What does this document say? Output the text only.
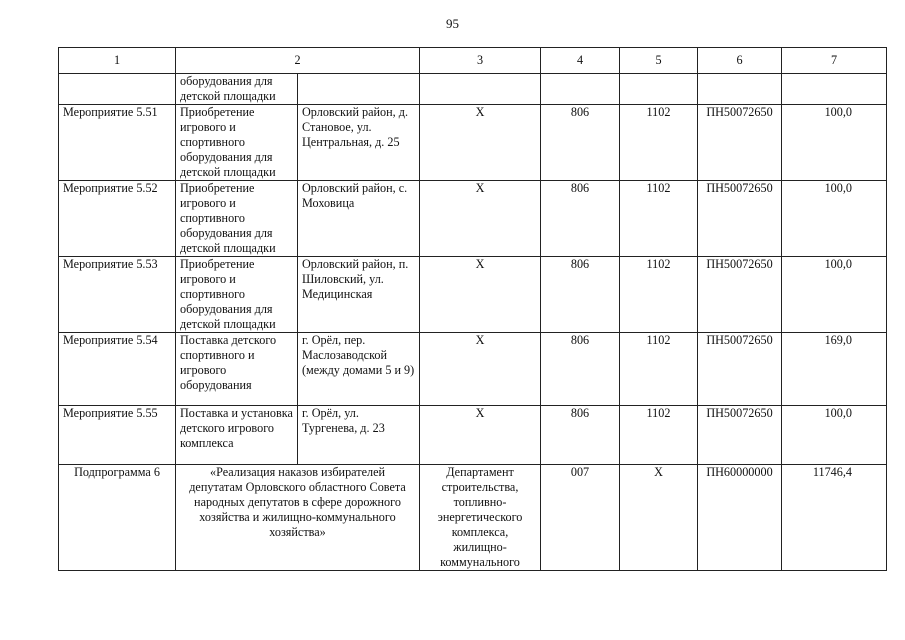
95
1	2		3	4	5	6	7
	оборудования для детской площадки						
Мероприятие 5.51	Приобретение игрового и спортивного оборудования для детской площадки	Орловский район, д. Становое, ул. Центральная, д. 25	Х	806	1102	ПН50072650	100,0
Мероприятие 5.52	Приобретение игрового и спортивного оборудования для детской площадки	Орловский район, с. Моховица	Х	806	1102	ПН50072650	100,0
Мероприятие 5.53	Приобретение игрового и спортивного оборудования для детской площадки	Орловский район, п. Шиловский, ул. Медицинская	Х	806	1102	ПН50072650	100,0
Мероприятие 5.54	Поставка детского спортивного и игрового оборудования	г. Орёл, пер. Маслозаводской (между домами 5 и 9)	Х	806	1102	ПН50072650	169,0
Мероприятие 5.55	Поставка и установка детского игрового комплекса	г. Орёл, ул. Тургенева, д. 23	Х	806	1102	ПН50072650	100,0
Подпрограмма 6	«Реализация наказов избирателей депутатам Орловского областного Совета народных депутатов в сфере дорожного хозяйства и жилищно-коммунального хозяйства»		Департамент строительства, топливно-энергетического комплекса, жилищно-коммунального	007	Х	ПН60000000	11746,4
